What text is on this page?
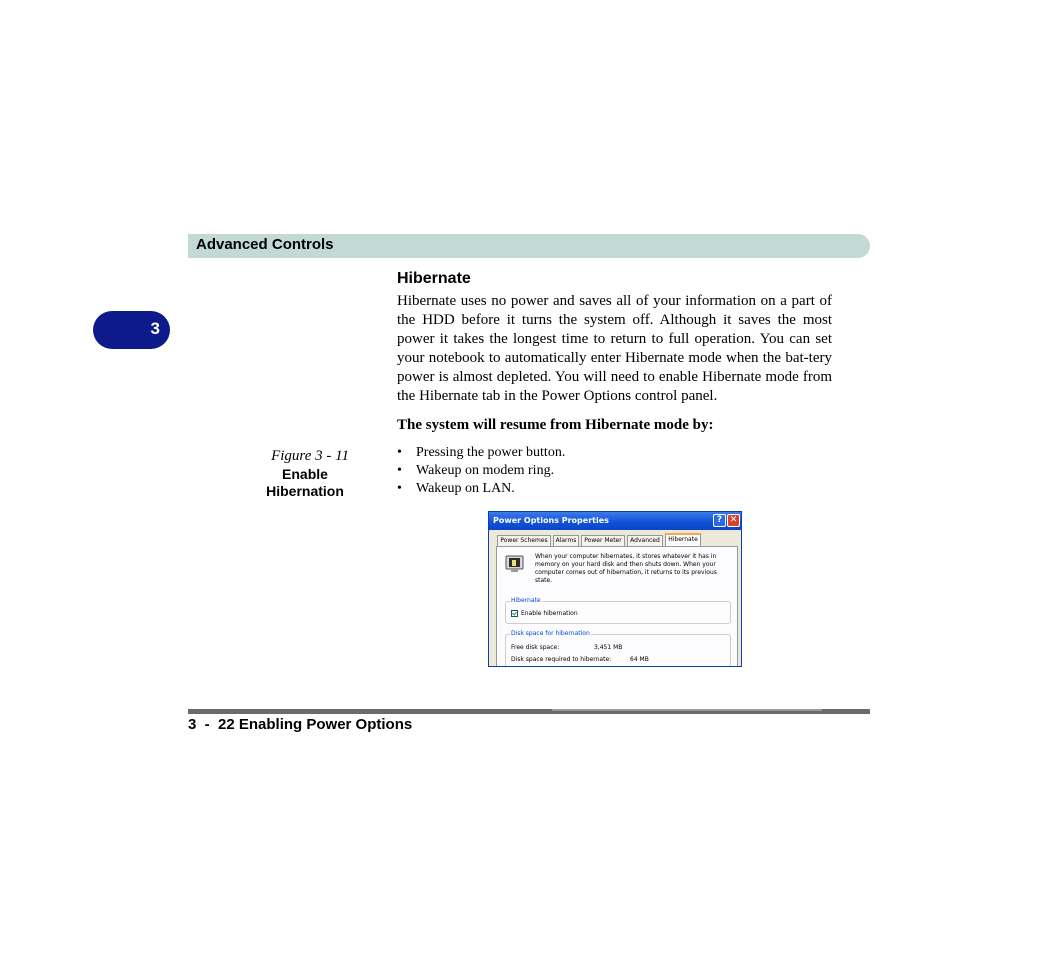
Advanced Controls
3
Hibernate

Hibernate uses no power and saves all of your information on a part of the HDD before it turns the system off. Although it saves the most power it takes the longest time to return to full operation. You can set your notebook to automatically enter Hibernate mode when the bat-tery power is almost depleted. You will need to enable Hibernate mode from the Hibernate tab in the Power Options control panel.

The system will resume from Hibernate mode by:
• Pressing the power button.
• Wakeup on modem ring.
• Wakeup on LAN.
Figure 3 - 11
Enable
Hibernation
Power Options Properties	? ✕
Power Schemes	Alarms	Power Meter	Advanced	Hibernate
When your computer hibernates, it stores whatever it has in memory on your hard disk and then shuts down. When your computer comes out of hibernation, it returns to its previous state.
Hibernate
Enable hibernation
Disk space for hibernation
Free disk space:	3,451 MB
Disk space required to hibernate:	64 MB
3  -  22 Enabling Power Options
